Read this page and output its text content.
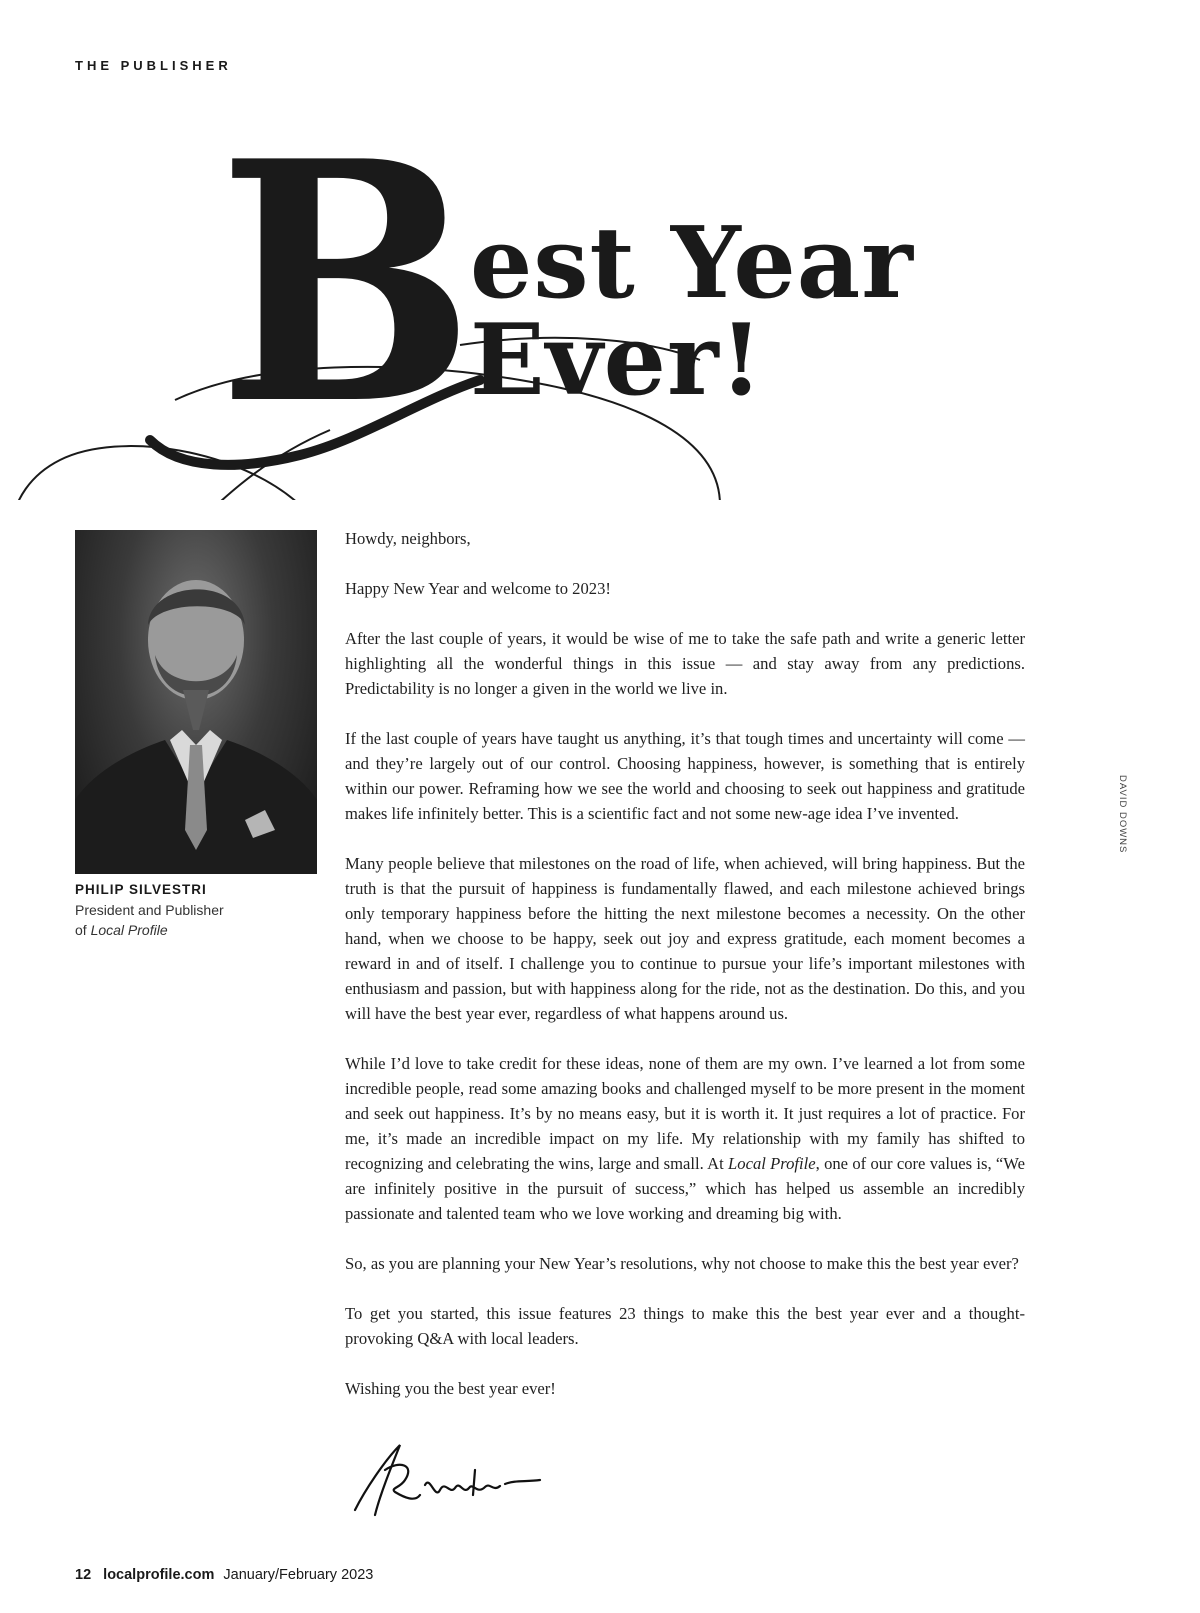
THE PUBLISHER
B
est Year
Ever!
PHILIP SILVESTRI
President and Publisher
of Local Profile

Howdy, neighbors,

Happy New Year and welcome to 2023!

After the last couple of years, it would be wise of me to take the safe path and write a generic letter highlighting all the wonderful things in this issue — and stay away from any predictions. Predictability is no longer a given in the world we live in.

If the last couple of years have taught us anything, it’s that tough times and uncertainty will come — and they’re largely out of our control. Choosing happiness, however, is something that is entirely within our power. Reframing how we see the world and choosing to seek out happiness and gratitude makes life infinitely better. This is a scientific fact and not some new-age idea I’ve invented.

Many people believe that milestones on the road of life, when achieved, will bring happiness. But the truth is that the pursuit of happiness is fundamentally flawed, and each milestone achieved brings only temporary happiness before the hitting the next milestone becomes a necessity. On the other hand, when we choose to be happy, seek out joy and express gratitude, each moment becomes a reward in and of itself. I challenge you to continue to pursue your life’s important milestones with enthusiasm and passion, but with happiness along for the ride, not as the destination. Do this, and you will have the best year ever, regardless of what happens around us.

While I’d love to take credit for these ideas, none of them are my own. I’ve learned a lot from some incredible people, read some amazing books and challenged myself to be more present in the moment and seek out happiness. It’s by no means easy, but it is worth it. It just requires a lot of practice. For me, it’s made an incredible impact on my life. My relationship with my family has shifted to recognizing and celebrating the wins, large and small. At Local Profile, one of our core values is, “We are infinitely positive in the pursuit of success,” which has helped us assemble an incredibly passionate and talented team who we love working and dreaming big with.

So, as you are planning your New Year’s resolutions, why not choose to make this the best year ever?

To get you started, this issue features 23 things to make this the best year ever and a thought-provoking Q&A with local leaders.

Wishing you the best year ever!

DAVID DOWNS
12 localprofile.com January/February 2023
